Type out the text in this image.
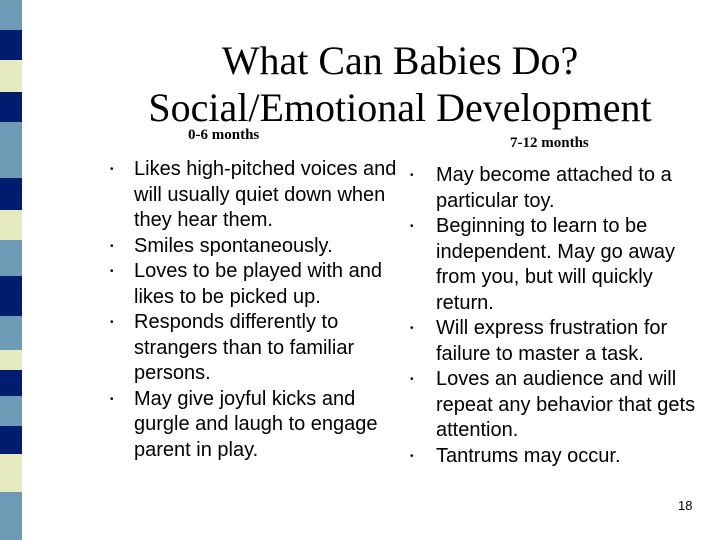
What Can Babies Do?
Social/Emotional Development
0-6 months	7-12 months
• Likes high-pitched voices and will usually quiet down when they hear them.
• Smiles spontaneously.
• Loves to be played with and likes to be picked up.
• Responds differently to strangers than to familiar persons.
• May give joyful kicks and gurgle and laugh to engage parent in play.
• May become attached to a particular toy.
• Beginning to learn to be independent. May go away from you, but will quickly return.
• Will express frustration for failure to master a task.
• Loves an audience and will repeat any behavior that gets attention.
• Tantrums may occur.
18
